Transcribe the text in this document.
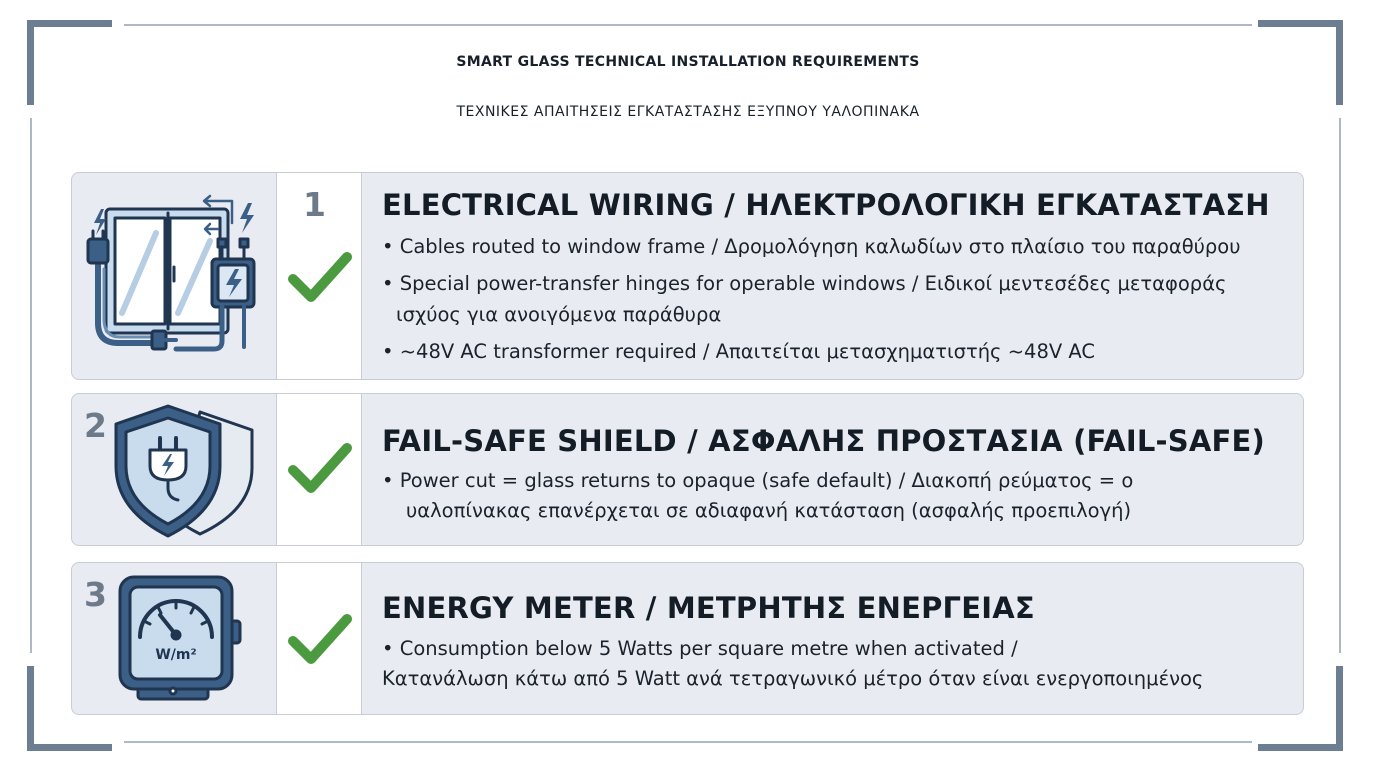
SMART GLASS TECHNICAL INSTALLATION REQUIREMENTS
ΤΕΧΝΙΚΕΣ ΑΠΑΙΤΗΣΕΙΣ ΕΓΚΑΤΑΣΤΑΣΗΣ ΕΞΥΠΝΟΥ ΥΑΛΟΠΙΝΑΚΑ
1 ELECTRICAL WIRING / ΗΛΕΚΤΡΟΛΟΓΙΚΗ ΕΓΚΑΤΑΣΤΑΣΗ
• Cables routed to window frame / Δρομολόγηση καλωδίων στο πλαίσιο του παραθύρου
• Special power-transfer hinges for operable windows / Ειδικοί μεντεσέδες μεταφοράς
ισχύος για ανοιγόμενα παράθυρα
• ~48V AC transformer required / Απαιτείται μετασχηματιστής ~48V AC
2	FAIL-SAFE SHIELD / ΑΣΦΑΛΗΣ ΠΡΟΣΤΑΣΙΑ (FAIL-SAFE)
• Power cut = glass returns to opaque (safe default) / Διακοπή ρεύματος = ο
υαλοπίνακας επανέρχεται σε αδιαφανή κατάσταση (ασφαλής προεπιλογή)
3
W/m²
ENERGY METER / ΜΕΤΡΗΤΗΣ ΕΝΕΡΓΕΙΑΣ
• Consumption below 5 Watts per square metre when activated /
Κατανάλωση κάτω από 5 Watt ανά τετραγωνικό μέτρο όταν είναι ενεργοποιημένος
